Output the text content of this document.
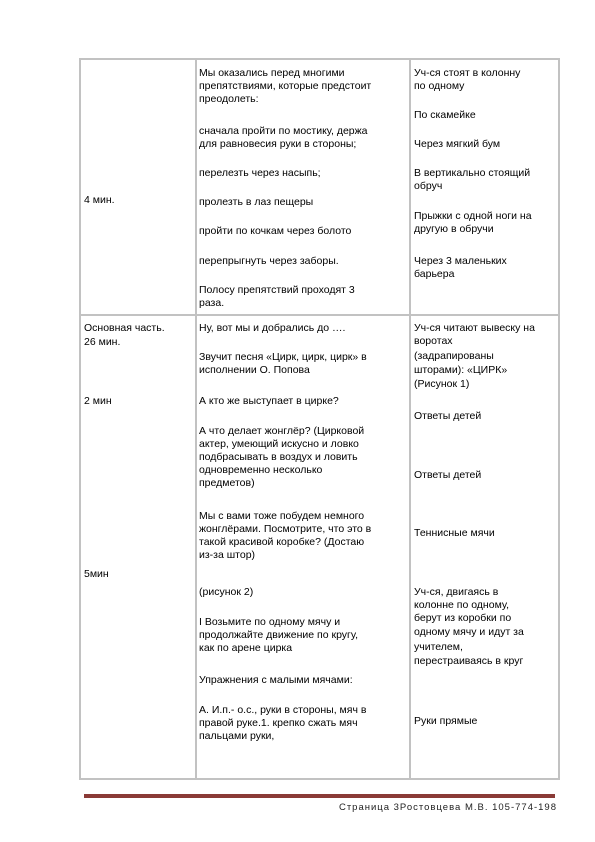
4 мин.
Мы оказались перед многими
препятствиями, которые предстоит
преодолеть:
сначала пройти по мостику, держа
для равновесия руки в стороны;
перелезть через насыпь;
пролезть в лаз пещеры
пройти по кочкам через болото
перепрыгнуть через заборы.
Полосу препятствий проходят 3
раза.
Уч-ся стоят в колонну
по одному
По скамейке
Через мягкий бум
В вертикально стоящий
обруч
Прыжки с одной ноги на
другую в обручи
Через 3 маленьких
барьера
Основная часть.
26 мин.
2 мин
5мин
Ну, вот мы и добрались до ….
Звучит песня «Цирк, цирк, цирк» в
исполнении О. Попова
А кто же выступает в цирке?
А что делает жонглёр? (Цирковой
актер, умеющий искусно и ловко
подбрасывать в воздух и ловить
одновременно несколько
предметов)
Мы с вами тоже побудем немного
жонглёрами. Посмотрите, что это в
такой красивой коробке? (Достаю
из-за штор)
(рисунок 2)
I Возьмите по одному мячу и
продолжайте движение по кругу,
как по арене цирка
Упражнения с малыми мячами:
А. И.п.- о.с., руки в стороны, мяч в
правой руке.1. крепко сжать мяч
пальцами руки,
Уч-ся читают вывеску на
воротах
(задрапированы
шторами): «ЦИРК»
(Рисунок 1)
Ответы детей
Ответы детей
Теннисные мячи
Уч-ся, двигаясь в
колонне по одному,
берут из коробки по
одному мячу и идут за
учителем,
перестраиваясь в круг
Руки прямые
Страница 3Ростовцева М.В. 105-774-198
